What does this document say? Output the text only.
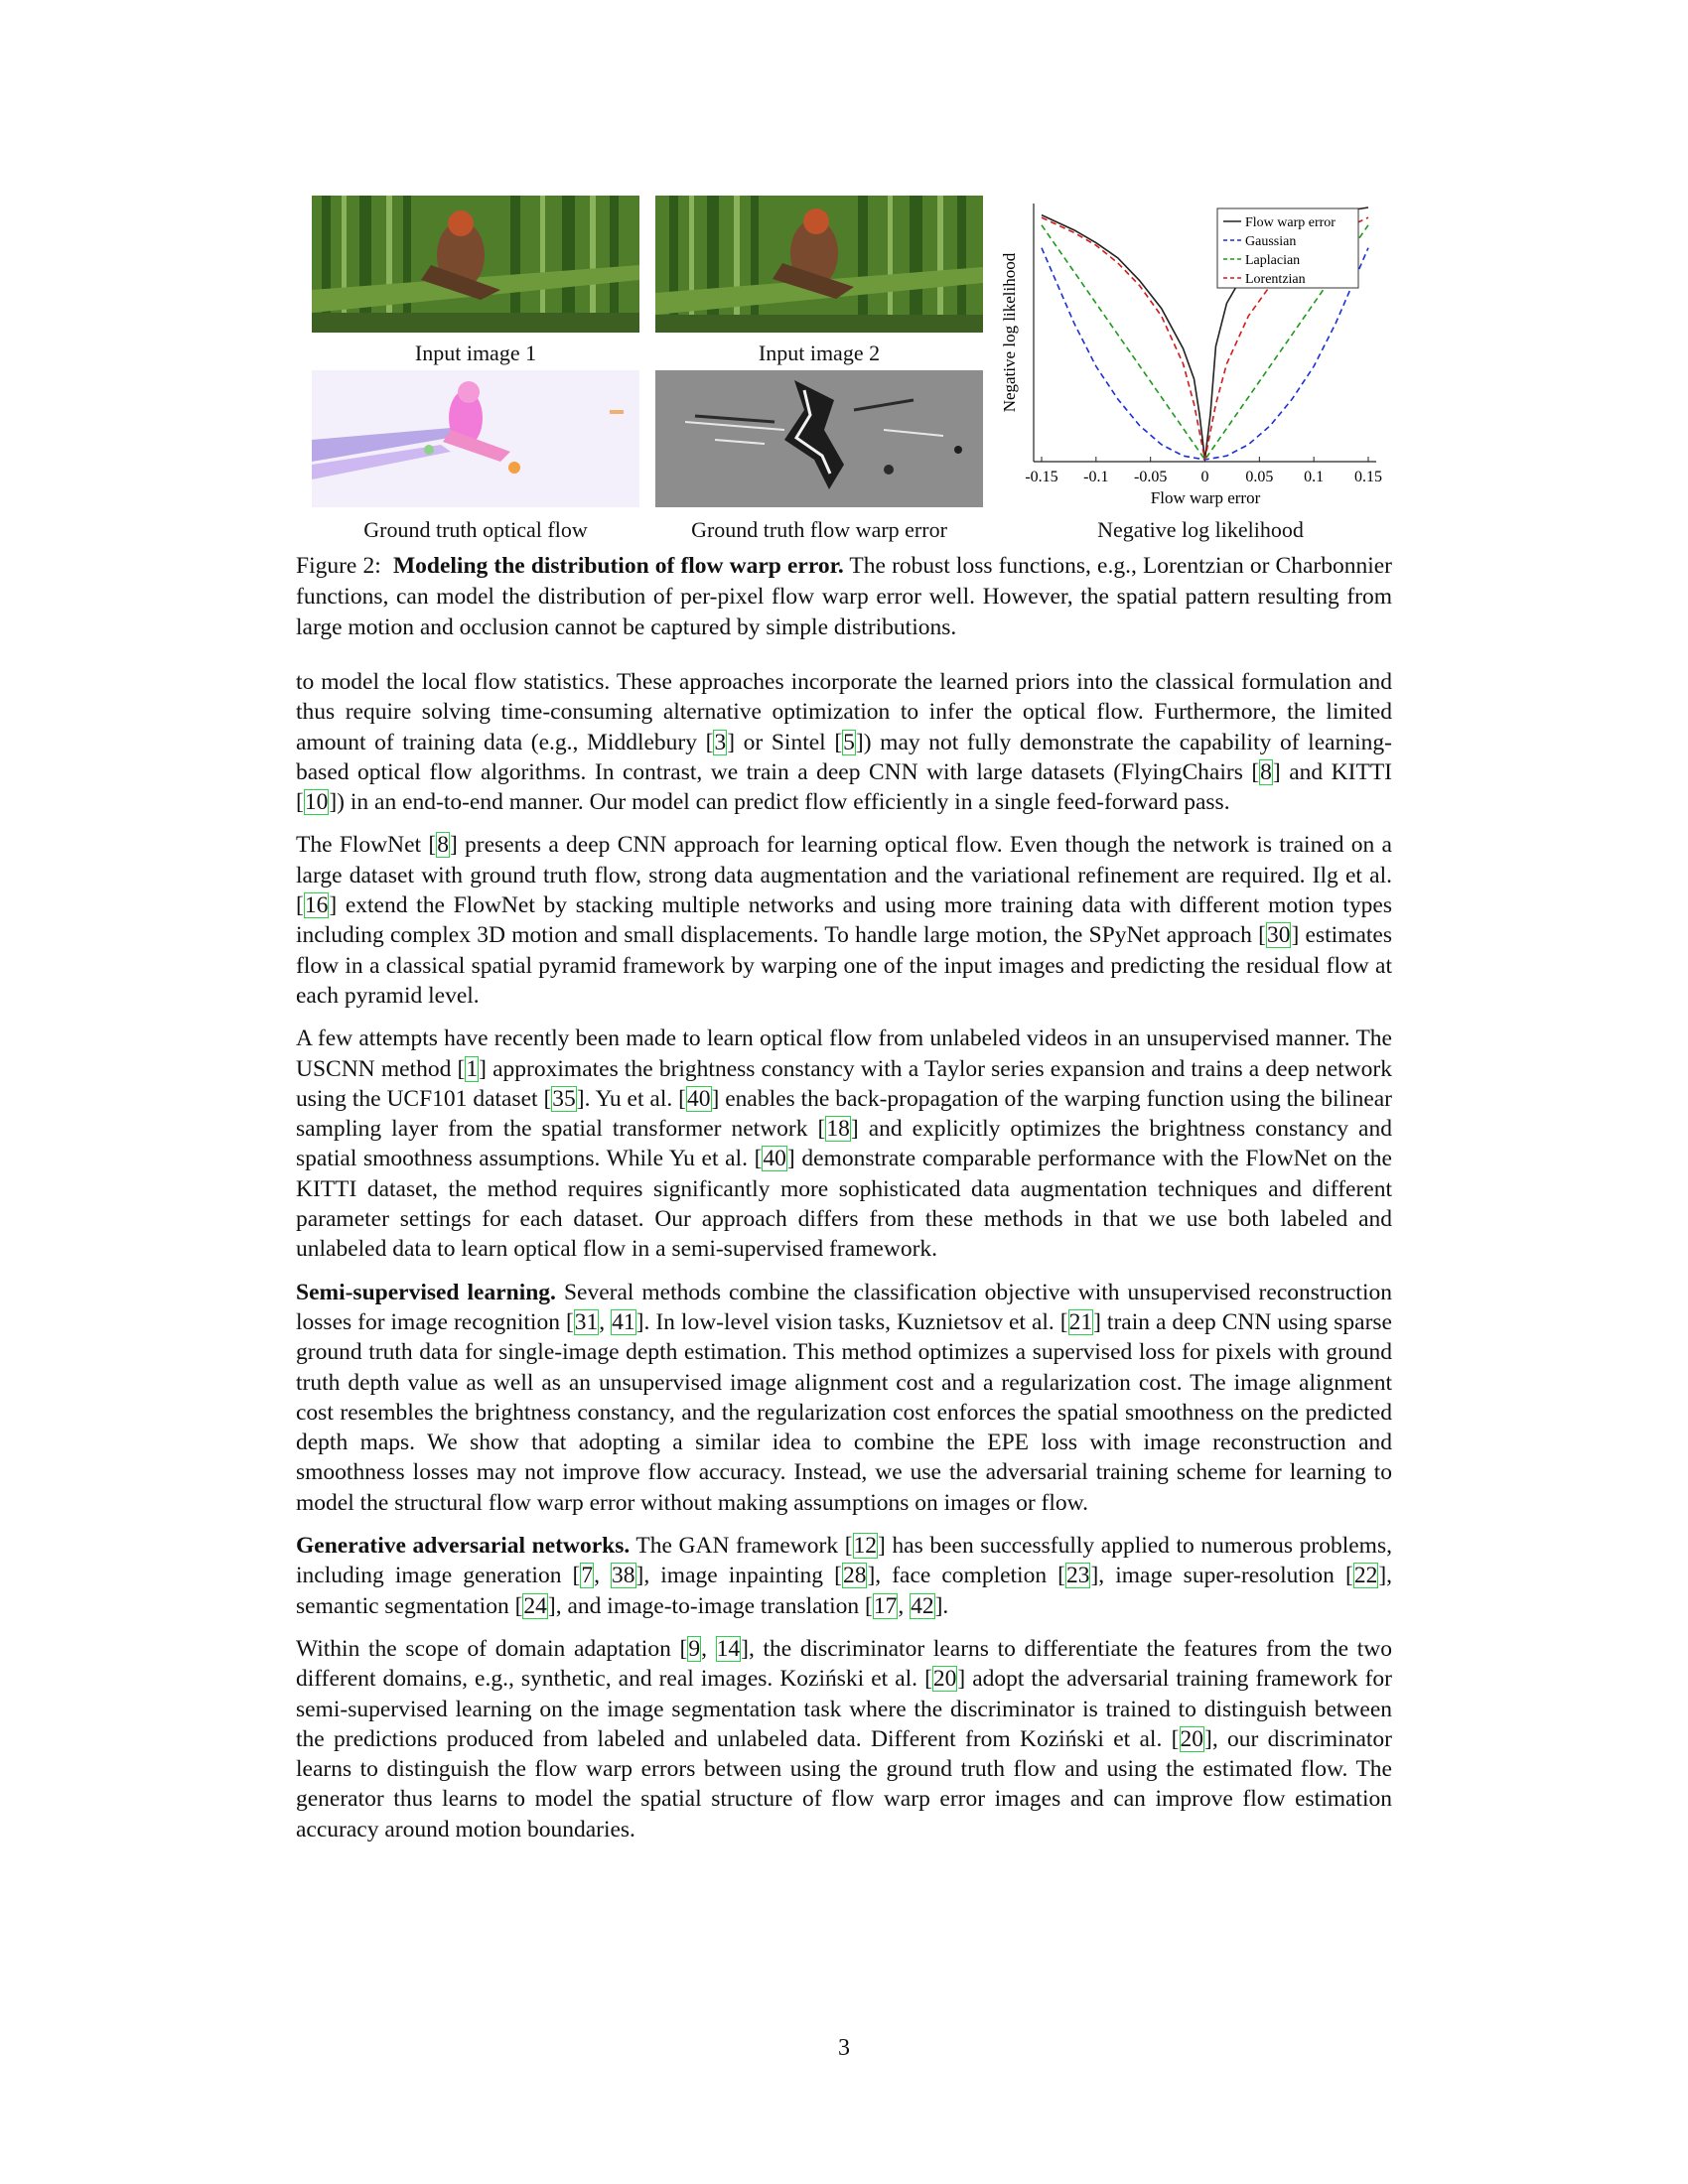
Input image 1	Input image 2
Ground truth optical flow	Ground truth flow warp error
-0.15 -0.1 -0.05 0 0.05 0.1 0.15
Flow warp error
Negative log likelihood
Flow warp error
Gaussian
Laplacian
Lorentzian
Negative log likelihood
Figure 2: Modeling the distribution of flow warp error. The robust loss functions, e.g., Lorentzian or Charbonnier functions, can model the distribution of per-pixel flow warp error well. However, the spatial pattern resulting from large motion and occlusion cannot be captured by simple distributions.

to model the local flow statistics. These approaches incorporate the learned priors into the classical formulation and thus require solving time-consuming alternative optimization to infer the optical flow. Furthermore, the limited amount of training data (e.g., Middlebury [3] or Sintel [5]) may not fully demonstrate the capability of learning-based optical flow algorithms. In contrast, we train a deep CNN with large datasets (FlyingChairs [8] and KITTI [10]) in an end-to-end manner. Our model can predict flow efficiently in a single feed-forward pass.

The FlowNet [8] presents a deep CNN approach for learning optical flow. Even though the network is trained on a large dataset with ground truth flow, strong data augmentation and the variational refinement are required. Ilg et al. [16] extend the FlowNet by stacking multiple networks and using more training data with different motion types including complex 3D motion and small displacements. To handle large motion, the SPyNet approach [30] estimates flow in a classical spatial pyramid framework by warping one of the input images and predicting the residual flow at each pyramid level.

A few attempts have recently been made to learn optical flow from unlabeled videos in an unsupervised manner. The USCNN method [1] approximates the brightness constancy with a Taylor series expansion and trains a deep network using the UCF101 dataset [35]. Yu et al. [40] enables the back-propagation of the warping function using the bilinear sampling layer from the spatial transformer network [18] and explicitly optimizes the brightness constancy and spatial smoothness assumptions. While Yu et al. [40] demonstrate comparable performance with the FlowNet on the KITTI dataset, the method requires significantly more sophisticated data augmentation techniques and different parameter settings for each dataset. Our approach differs from these methods in that we use both labeled and unlabeled data to learn optical flow in a semi-supervised framework.

Semi-supervised learning. Several methods combine the classification objective with unsupervised reconstruction losses for image recognition [31, 41]. In low-level vision tasks, Kuznietsov et al. [21] train a deep CNN using sparse ground truth data for single-image depth estimation. This method optimizes a supervised loss for pixels with ground truth depth value as well as an unsupervised image alignment cost and a regularization cost. The image alignment cost resembles the brightness constancy, and the regularization cost enforces the spatial smoothness on the predicted depth maps. We show that adopting a similar idea to combine the EPE loss with image reconstruction and smoothness losses may not improve flow accuracy. Instead, we use the adversarial training scheme for learning to model the structural flow warp error without making assumptions on images or flow.

Generative adversarial networks. The GAN framework [12] has been successfully applied to numerous problems, including image generation [7, 38], image inpainting [28], face completion [23], image super-resolution [22], semantic segmentation [24], and image-to-image translation [17, 42].

Within the scope of domain adaptation [9, 14], the discriminator learns to differentiate the features from the two different domains, e.g., synthetic, and real images. Koziński et al. [20] adopt the adversarial training framework for semi-supervised learning on the image segmentation task where the discriminator is trained to distinguish between the predictions produced from labeled and unlabeled data. Different from Koziński et al. [20], our discriminator learns to distinguish the flow warp errors between using the ground truth flow and using the estimated flow. The generator thus learns to model the spatial structure of flow warp error images and can improve flow estimation accuracy around motion boundaries.

3
